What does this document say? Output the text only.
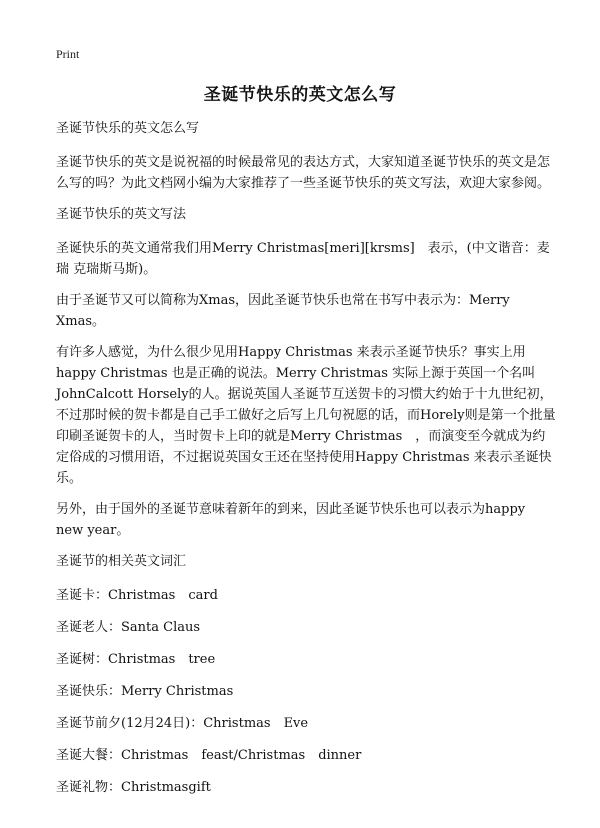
Print
圣诞节快乐的英文怎么写

圣诞节快乐的英文怎么写

圣诞节快乐的英文是说祝福的时候最常见的表达方式，大家知道圣诞节快乐的英文是怎么写的吗？为此文档网小编为大家推荐了一些圣诞节快乐的英文写法，欢迎大家参阅。

圣诞节快乐的英文写法

圣诞快乐的英文通常我们用Merry Christmas[meri][krsms]　表示，(中文谐音：麦瑞 克瑞斯马斯)。

由于圣诞节又可以简称为Xmas，因此圣诞节快乐也常在书写中表示为：Merry Xmas。

有许多人感觉，为什么很少见用Happy Christmas 来表示圣诞节快乐？事实上用happy Christmas 也是正确的说法。Merry Christmas 实际上源于英国一个名叫JohnCalcott Horsely的人。据说英国人圣诞节互送贺卡的习惯大约始于十九世纪初，不过那时候的贺卡都是自己手工做好之后写上几句祝愿的话，而Horely则是第一个批量印刷圣诞贺卡的人，当时贺卡上印的就是Merry Christmas　，而演变至今就成为约定俗成的习惯用语，不过据说英国女王还在坚持使用Happy Christmas 来表示圣诞快乐。

另外，由于国外的圣诞节意味着新年的到来，因此圣诞节快乐也可以表示为happy new year。

圣诞节的相关英文词汇

圣诞卡：Christmas　card

圣诞老人：Santa Claus

圣诞树：Christmas　tree

圣诞快乐：Merry Christmas

圣诞节前夕(12月24日)：Christmas　Eve

圣诞大餐：Christmas　feast/Christmas　dinner

圣诞礼物：Christmasgift
